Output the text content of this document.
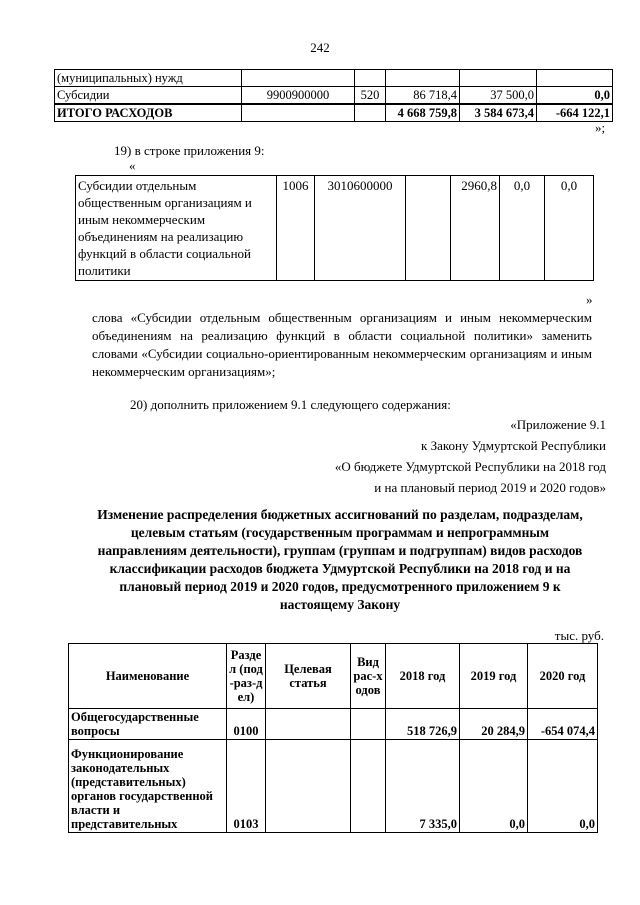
242
(муниципальных) нужд					
Субсидии	9900900000	520	86 718,4	37 500,0	0,0
ИТОГО РАСХОДОВ			4 668 759,8	3 584 673,4	-664 122,1
»;
19) в строке приложения 9:
«
Субсидии отдельным общественным организациям и иным некоммерческим объединениям на реализацию функций в области социальной политики	1006	3010600000		2960,8	0,0	0,0
»
слова «Субсидии отдельным общественным организациям и иным некоммерческим объединениям на реализацию функций в области социальной политики» заменить словами «Субсидии социально-ориентированным некоммерческим организациям и иным некоммерческим организациям»;
20) дополнить приложением 9.1 следующего содержания:
«Приложение 9.1
к Закону Удмуртской Республики
«О бюджете Удмуртской Республики на 2018 год
и на плановый период 2019 и 2020 годов»
Изменение распределения бюджетных ассигнований по разделам, подразделам, целевым статьям (государственным программам и непрограммным направлениям деятельности), группам (группам и подгруппам) видов расходов классификации расходов бюджета Удмуртской Республики на 2018 год и на плановый период 2019 и 2020 годов, предусмотренного приложением 9 к настоящему Закону
тыс. руб.
Наименование	Раздел (под-раз-дел)	Целевая статья	Вид рас-ходов	2018 год	2019 год	2020 год
Общегосударственные вопросы	0100			518 726,9	20 284,9	-654 074,4
Функционирование законодательных (представительных) органов государственной власти и представительных	0103			7 335,0	0,0	0,0
